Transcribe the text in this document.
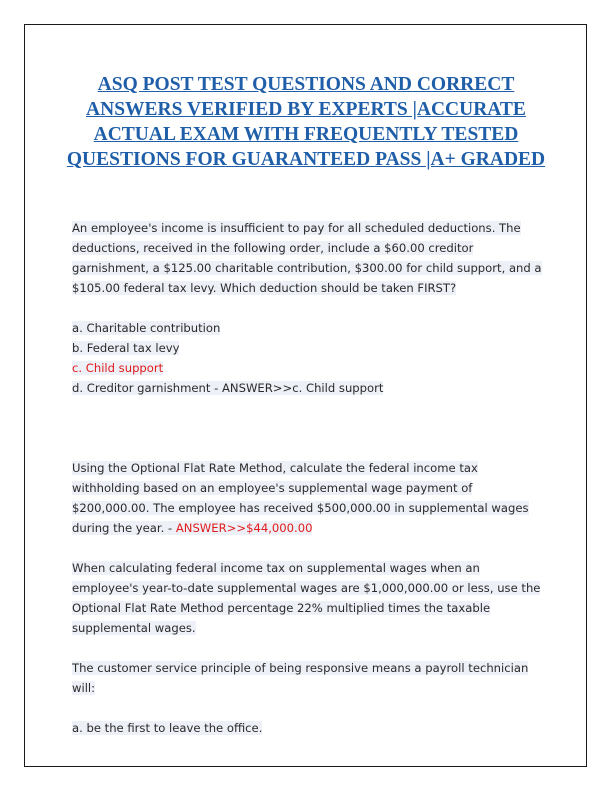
ASQ POST TEST QUESTIONS AND CORRECT ANSWERS VERIFIED BY EXPERTS |ACCURATE ACTUAL EXAM WITH FREQUENTLY TESTED QUESTIONS FOR GUARANTEED PASS |A+ GRADED

An employee's income is insufficient to pay for all scheduled deductions. The deductions, received in the following order, include a $60.00 creditor garnishment, a $125.00 charitable contribution, $300.00 for child support, and a $105.00 federal tax levy. Which deduction should be taken FIRST?

a. Charitable contribution

b. Federal tax levy

c. Child support

d. Creditor garnishment - ANSWER>>c. Child support

Using the Optional Flat Rate Method, calculate the federal income tax withholding based on an employee's supplemental wage payment of $200,000.00. The employee has received $500,000.00 in supplemental wages during the year. - ANSWER>>$44,000.00

When calculating federal income tax on supplemental wages when an employee's year-to-date supplemental wages are $1,000,000.00 or less, use the Optional Flat Rate Method percentage 22% multiplied times the taxable supplemental wages.

The customer service principle of being responsive means a payroll technician will:

a. be the first to leave the office.
